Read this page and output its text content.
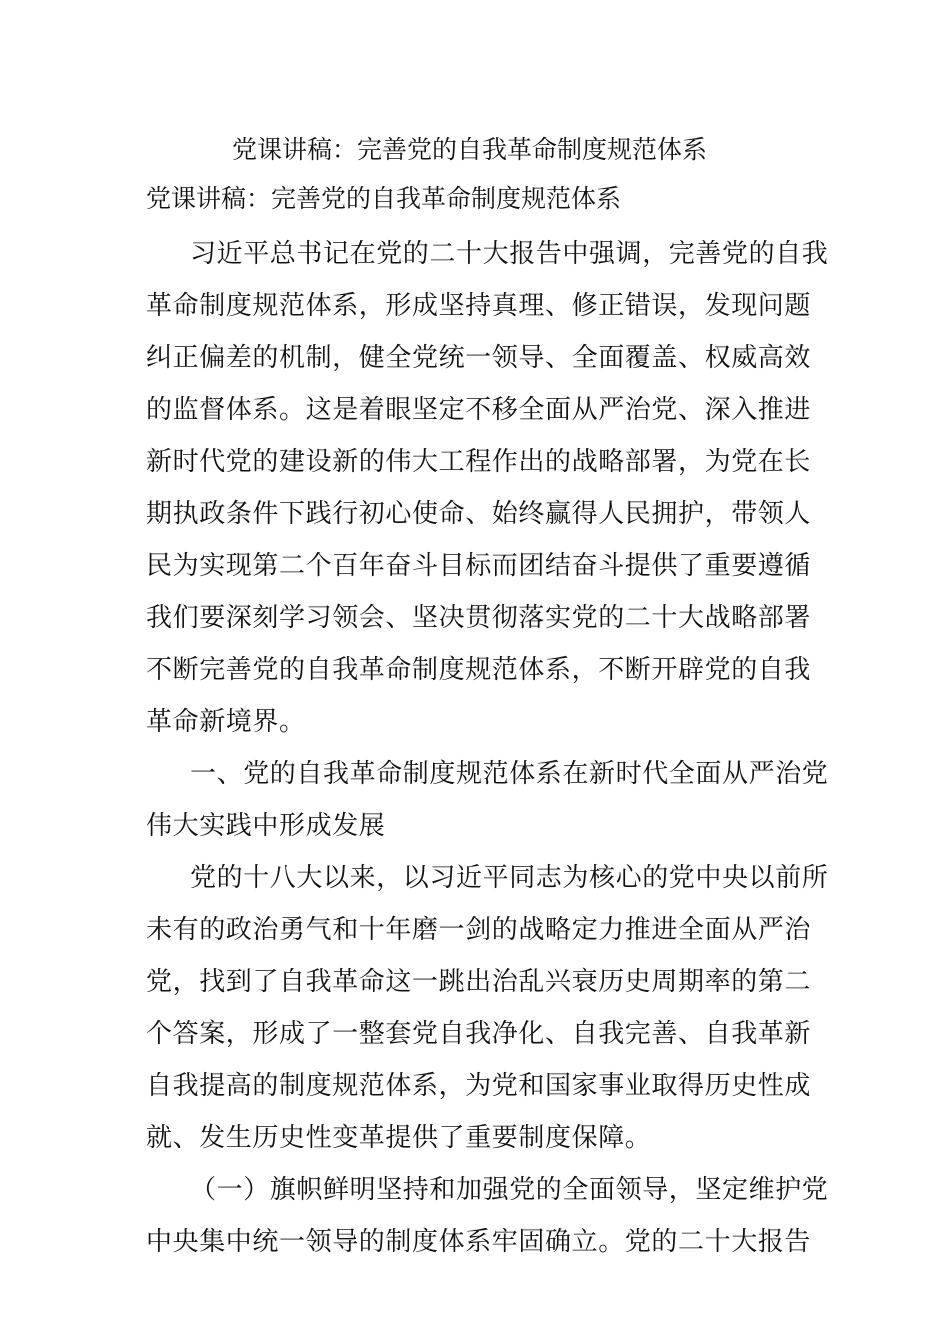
党课讲稿：完善党的自我革命制度规范体系
党课讲稿：完善党的自我革命制度规范体系
习近平总书记在党的二十大报告中强调，完善党的自我
革命制度规范体系，形成坚持真理、修正错误，发现问题
纠正偏差的机制，健全党统一领导、全面覆盖、权威高效
的监督体系。这是着眼坚定不移全面从严治党、深入推进
新时代党的建设新的伟大工程作出的战略部署，为党在长
期执政条件下践行初心使命、始终赢得人民拥护，带领人
民为实现第二个百年奋斗目标而团结奋斗提供了重要遵循
我们要深刻学习领会、坚决贯彻落实党的二十大战略部署
不断完善党的自我革命制度规范体系，不断开辟党的自我
革命新境界。
一、党的自我革命制度规范体系在新时代全面从严治党
伟大实践中形成发展
党的十八大以来，以习近平同志为核心的党中央以前所
未有的政治勇气和十年磨一剑的战略定力推进全面从严治
党，找到了自我革命这一跳出治乱兴衰历史周期率的第二
个答案，形成了一整套党自我净化、自我完善、自我革新
自我提高的制度规范体系，为党和国家事业取得历史性成
就、发生历史性变革提供了重要制度保障。
（一）旗帜鲜明坚持和加强党的全面领导，坚定维护党
中央集中统一领导的制度体系牢固确立。党的二十大报告
